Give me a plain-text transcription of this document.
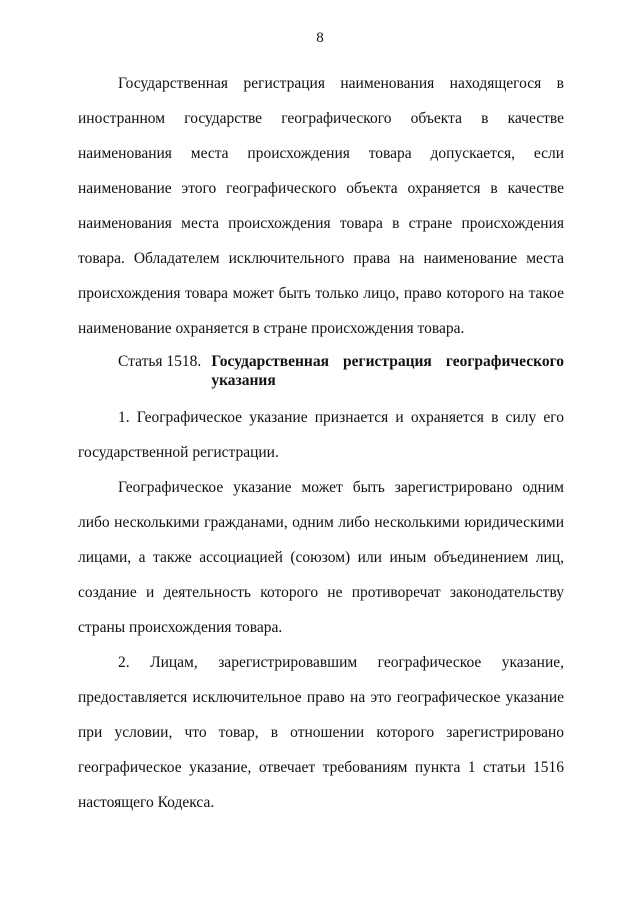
8

Государственная регистрация наименования находящегося в иностранном государстве географического объекта в качестве наименования места происхождения товара допускается, если наименование этого географического объекта охраняется в качестве наименования места происхождения товара в стране происхождения товара. Обладателем исключительного права на наименование места происхождения товара может быть только лицо, право которого на такое наименование охраняется в стране происхождения товара.

Статья 1518. Государственная регистрация географического указания

1. Географическое указание признается и охраняется в силу его государственной регистрации.

Географическое указание может быть зарегистрировано одним либо несколькими гражданами, одним либо несколькими юридическими лицами, а также ассоциацией (союзом) или иным объединением лиц, создание и деятельность которого не противоречат законодательству страны происхождения товара.

2. Лицам, зарегистрировавшим географическое указание, предоставляется исключительное право на это географическое указание при условии, что товар, в отношении которого зарегистрировано географическое указание, отвечает требованиям пункта 1 статьи 1516 настоящего Кодекса.
